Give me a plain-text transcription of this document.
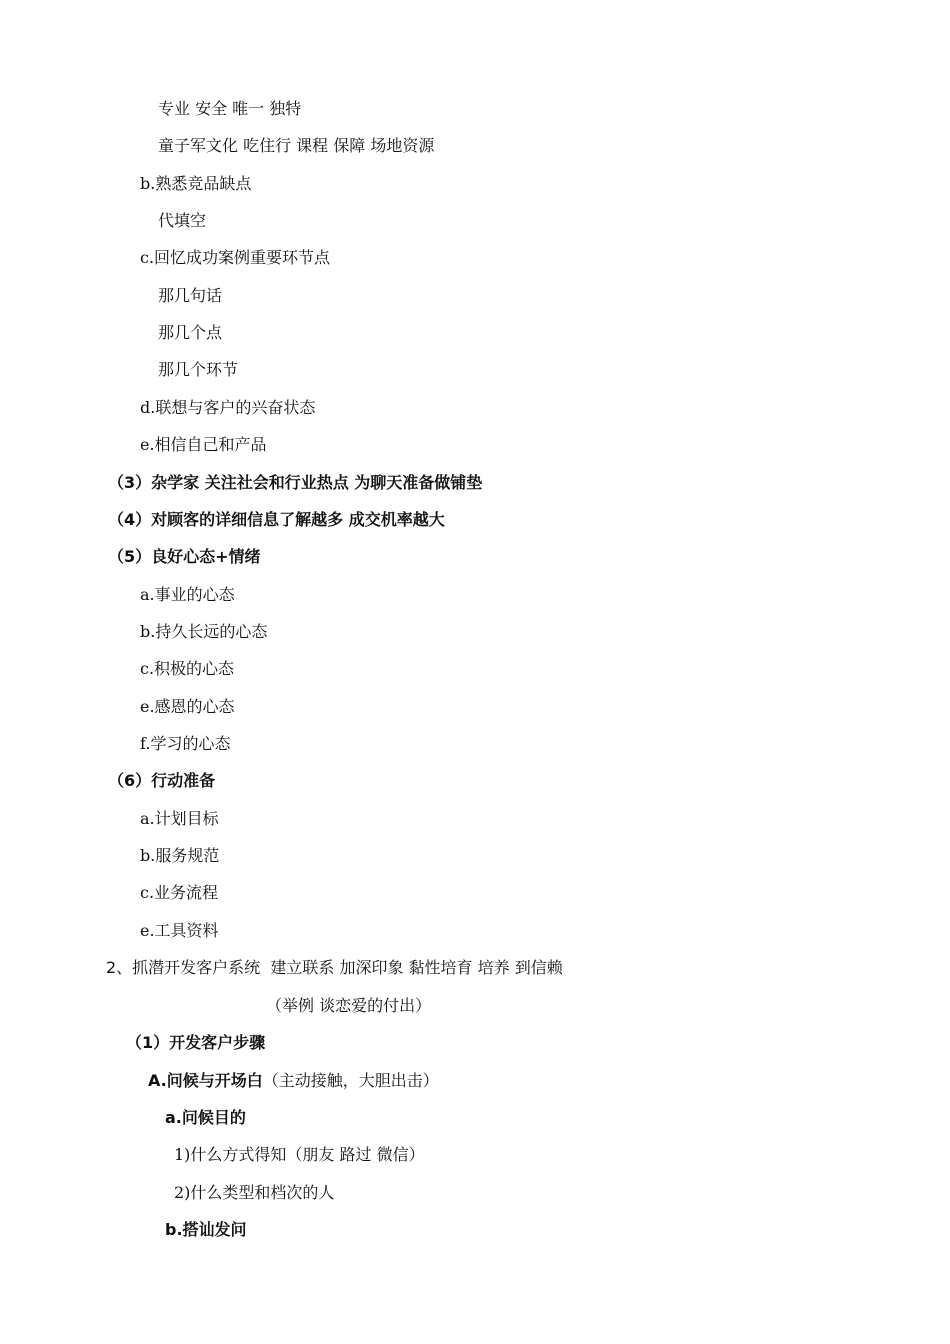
专业 安全 唯一 独特
童子军文化 吃住行 课程 保障 场地资源
b.熟悉竞品缺点
代填空
c.回忆成功案例重要环节点
那几句话
那几个点
那几个环节
d.联想与客户的兴奋状态
e.相信自己和产品
（3）杂学家 关注社会和行业热点 为聊天准备做铺垫
（4）对顾客的详细信息了解越多 成交机率越大
（5）良好心态+情绪
a.事业的心态
b.持久长远的心态
c.积极的心态
e.感恩的心态
f.学习的心态
（6）行动准备
a.计划目标
b.服务规范
c.业务流程
e.工具资料
2、抓潜开发客户系统  建立联系 加深印象 黏性培育 培养 到信赖
（举例 谈恋爱的付出）
（1）开发客户步骤
A.问候与开场白（主动接触，大胆出击）
a.问候目的
1)什么方式得知（朋友 路过 微信）
2)什么类型和档次的人
b.搭讪发问
